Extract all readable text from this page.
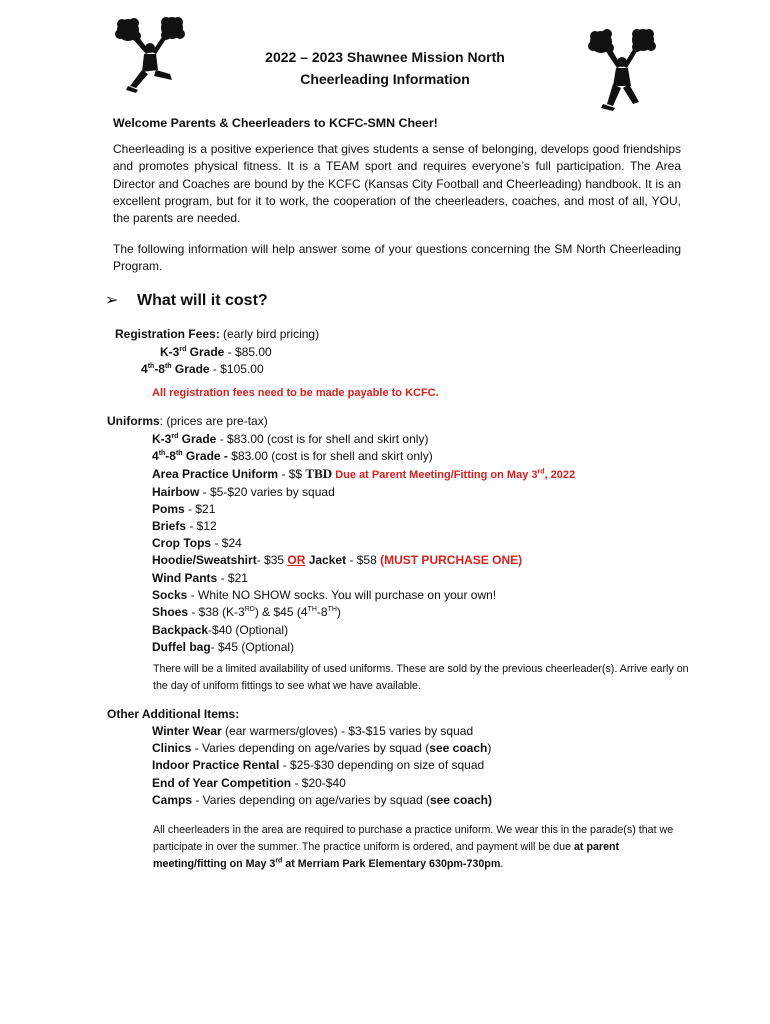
2022 – 2023 Shawnee Mission North
Cheerleading Information
Welcome Parents & Cheerleaders to KCFC-SMN Cheer!
Cheerleading is a positive experience that gives students a sense of belonging, develops good friendships and promotes physical fitness. It is a TEAM sport and requires everyone’s full participation. The Area Director and Coaches are bound by the KCFC (Kansas City Football and Cheerleading) handbook. It is an excellent program, but for it to work, the cooperation of the cheerleaders, coaches, and most of all, YOU, the parents are needed.
The following information will help answer some of your questions concerning the SM North Cheerleading Program.
➢ What will it cost?
Registration Fees: (early bird pricing)
K-3rd Grade - $85.00
4th-8th Grade - $105.00
All registration fees need to be made payable to KCFC.
Uniforms: (prices are pre-tax)
K-3rd Grade - $83.00 (cost is for shell and skirt only)
4th-8th Grade - $83.00 (cost is for shell and skirt only)
Area Practice Uniform - $$ TBD Due at Parent Meeting/Fitting on May 3rd, 2022
Hairbow - $5-$20 varies by squad
Poms - $21
Briefs - $12
Crop Tops - $24
Hoodie/Sweatshirt- $35 OR Jacket - $58 (MUST PURCHASE ONE)
Wind Pants - $21
Socks - White NO SHOW socks. You will purchase on your own!
Shoes - $38 (K-3RD) & $45 (4TH-8TH)
Backpack-$40 (Optional)
Duffel bag- $45 (Optional)
There will be a limited availability of used uniforms. These are sold by the previous cheerleader(s). Arrive early on the day of uniform fittings to see what we have available.
Other Additional Items:
Winter Wear (ear warmers/gloves) - $3-$15 varies by squad
Clinics - Varies depending on age/varies by squad (see coach)
Indoor Practice Rental - $25-$30 depending on size of squad
End of Year Competition - $20-$40
Camps - Varies depending on age/varies by squad (see coach)
All cheerleaders in the area are required to purchase a practice uniform. We wear this in the parade(s) that we participate in over the summer. The practice uniform is ordered, and payment will be due at parent meeting/fitting on May 3rd at Merriam Park Elementary 630pm-730pm.
